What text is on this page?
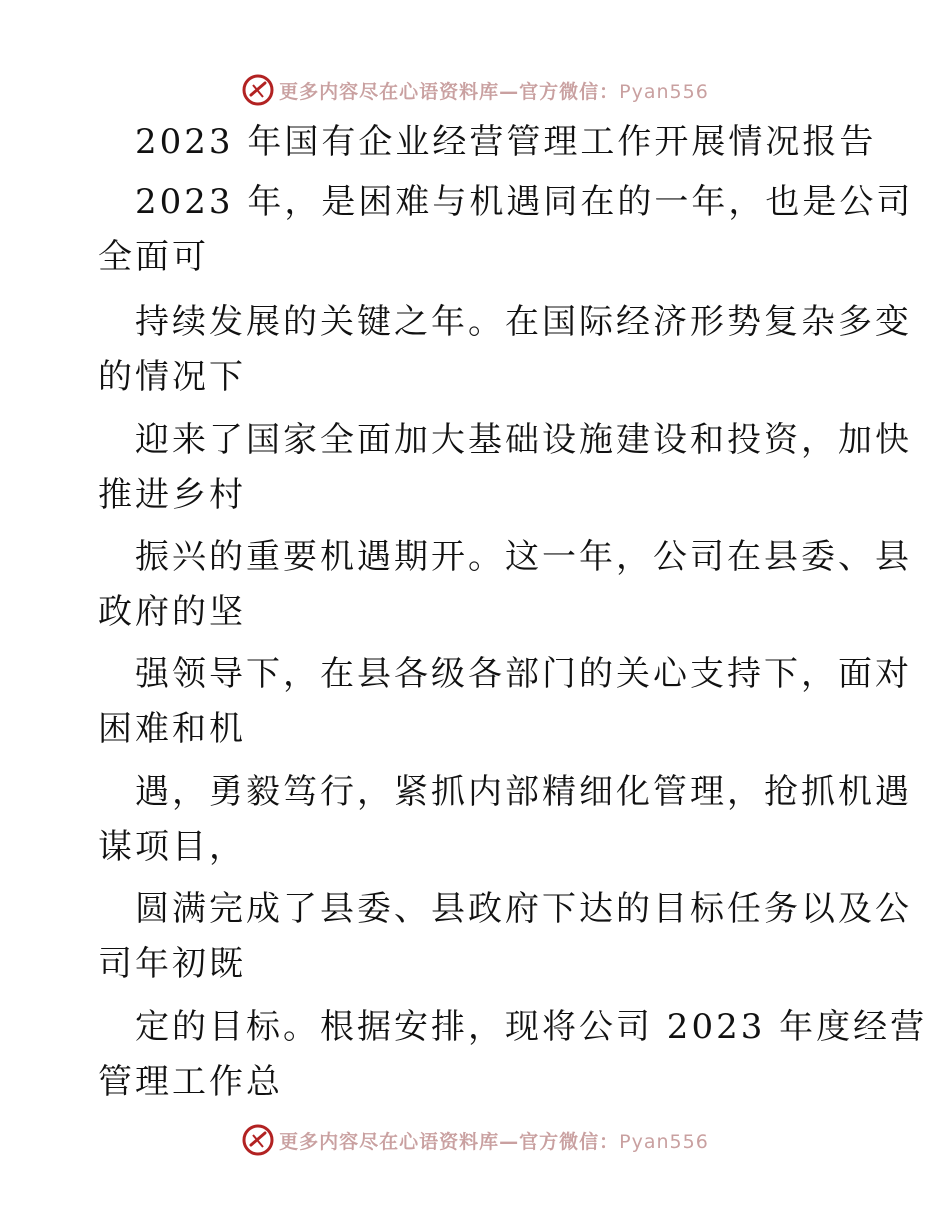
更多内容尽在心语资料库—官方微信：Pyan556
2023 年国有企业经营管理工作开展情况报告
2023 年，是困难与机遇同在的一年，也是公司
全面可
持续发展的关键之年。在国际经济形势复杂多变
的情况下
迎来了国家全面加大基础设施建设和投资，加快
推进乡村
振兴的重要机遇期开。这一年，公司在县委、县
政府的坚
强领导下，在县各级各部门的关心支持下，面对
困难和机
遇，勇毅笃行，紧抓内部精细化管理，抢抓机遇
谋项目，
圆满完成了县委、县政府下达的目标任务以及公
司年初既
定的目标。根据安排，现将公司 2023 年度经营
管理工作总
更多内容尽在心语资料库—官方微信：Pyan556
